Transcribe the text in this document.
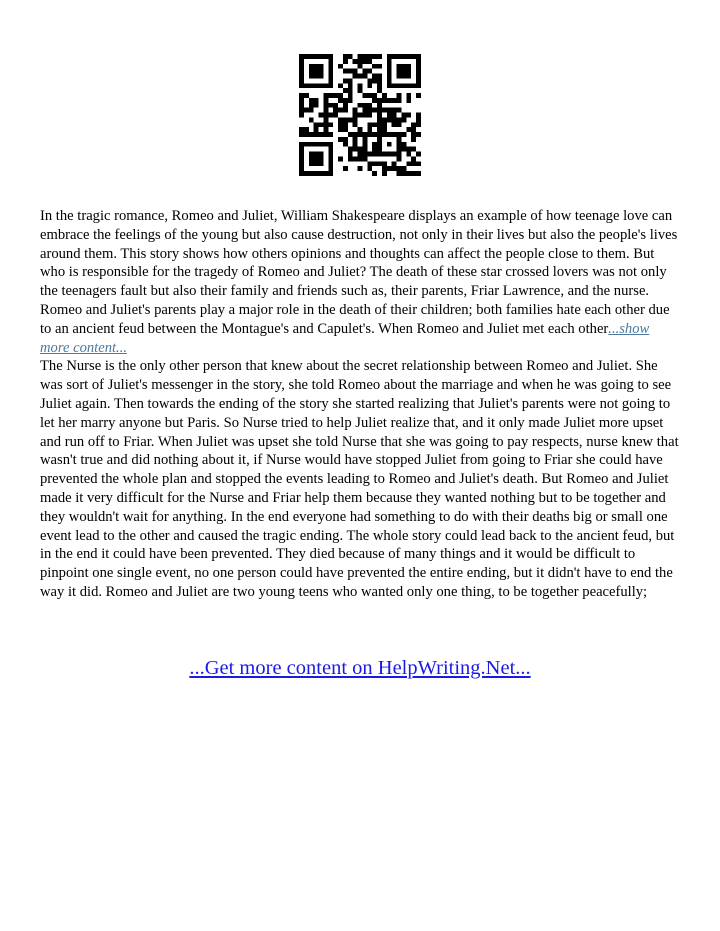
In the tragic romance, Romeo and Juliet, William Shakespeare displays an example of how teenage love can embrace the feelings of the young but also cause destruction, not only in their lives but also the people's lives around them. This story shows how others opinions and thoughts can affect the people close to them. But who is responsible for the tragedy of Romeo and Juliet? The death of these star crossed lovers was not only the teenagers fault but also their family and friends such as, their parents, Friar Lawrence, and the nurse. Romeo and Juliet's parents play a major role in the death of their children; both families hate each other due to an ancient feud between the Montague's and Capulet's. When Romeo and Juliet met each other...show more content...

The Nurse is the only other person that knew about the secret relationship between Romeo and Juliet. She was sort of Juliet's messenger in the story, she told Romeo about the marriage and when he was going to see Juliet again. Then towards the ending of the story she started realizing that Juliet's parents were not going to let her marry anyone but Paris. So Nurse tried to help Juliet realize that, and it only made Juliet more upset and run off to Friar. When Juliet was upset she told Nurse that she was going to pay respects, nurse knew that wasn't true and did nothing about it, if Nurse would have stopped Juliet from going to Friar she could have prevented the whole plan and stopped the events leading to Romeo and Juliet's death. But Romeo and Juliet made it very difficult for the Nurse and Friar help them because they wanted nothing but to be together and they wouldn't wait for anything. In the end everyone had something to do with their deaths big or small one event lead to the other and caused the tragic ending. The whole story could lead back to the ancient feud, but in the end it could have been prevented. They died because of many things and it would be difficult to pinpoint one single event, no one person could have prevented the entire ending, but it didn't have to end the way it did. Romeo and Juliet are two young teens who wanted only one thing, to be together peacefully;

...Get more content on HelpWriting.Net...
